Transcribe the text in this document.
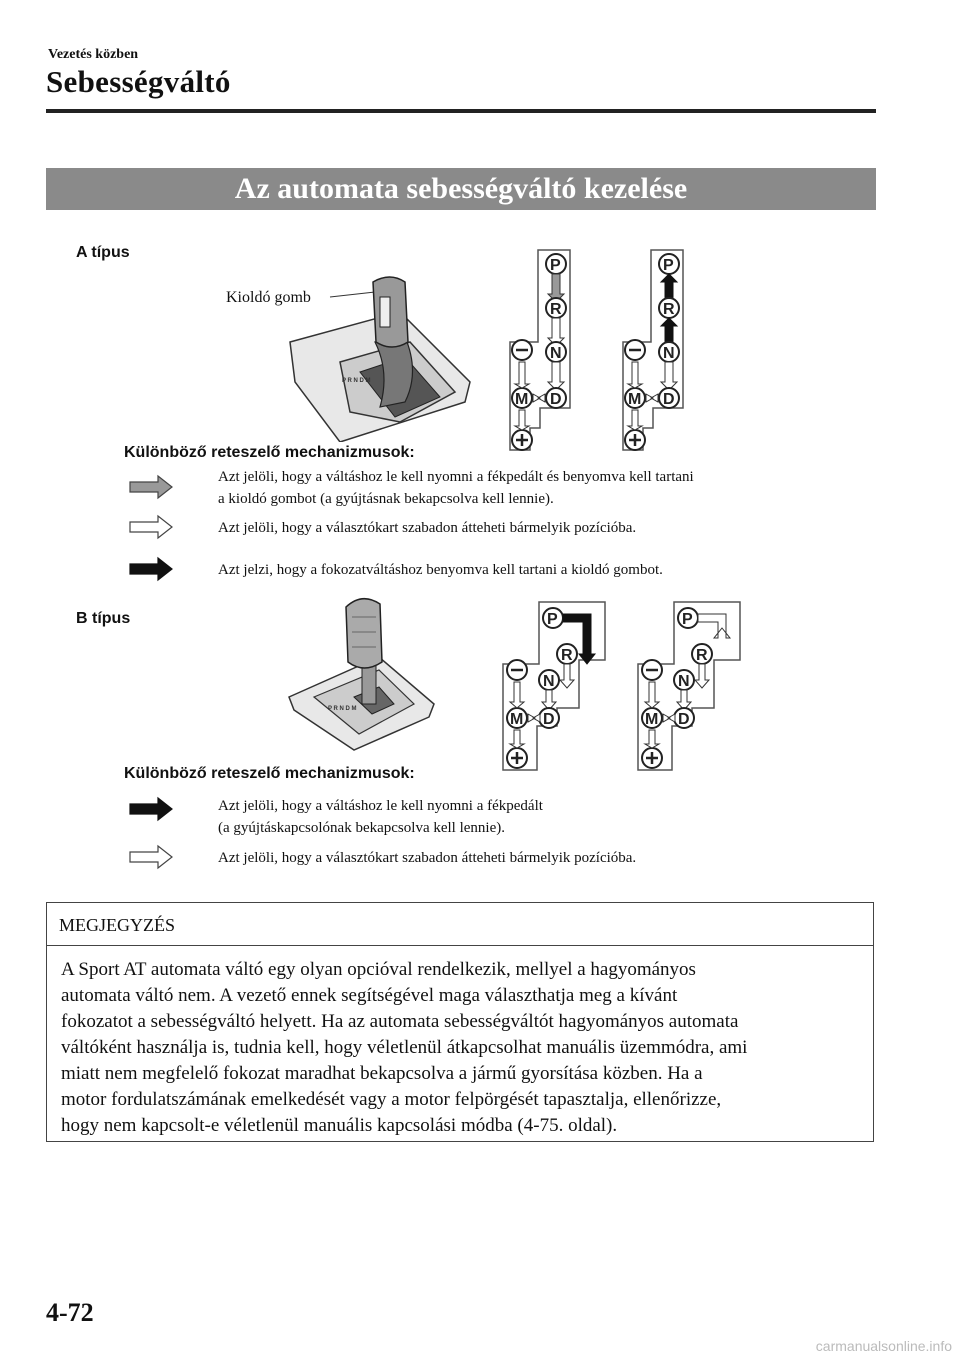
Vezetés közben
Sebességváltó
Az automata sebességváltó kezelése
A típus
Kioldó gomb
P R N D M
P
R
N
D
M
P
R
N
D
M
Különböző reteszelő mechanizmusok:
Azt jelöli, hogy a váltáshoz le kell nyomni a fékpedált és benyomva kell tartani
a kioldó gombot (a gyújtásnak bekapcsolva kell lennie).
Azt jelöli, hogy a választókart szabadon átteheti bármelyik pozícióba.
Azt jelzi, hogy a fokozatváltáshoz benyomva kell tartani a kioldó gombot.
B típus
P R N D M
P
R
N
D
M
P
R
N
D
M
Különböző reteszelő mechanizmusok:
Azt jelöli, hogy a váltáshoz le kell nyomni a fékpedált
(a gyújtáskapcsolónak bekapcsolva kell lennie).
Azt jelöli, hogy a választókart szabadon átteheti bármelyik pozícióba.
MEGJEGYZÉS
A Sport AT automata váltó egy olyan opcióval rendelkezik, mellyel a hagyományos
automata váltó nem. A vezető ennek segítségével maga választhatja meg a kívánt
fokozatot a sebességváltó helyett. Ha az automata sebességváltót hagyományos automata
váltóként használja is, tudnia kell, hogy véletlenül átkapcsolhat manuális üzemmódra, ami
miatt nem megfelelő fokozat maradhat bekapcsolva a jármű gyorsítása közben. Ha a
motor fordulatszámának emelkedését vagy a motor felpörgését tapasztalja, ellenőrizze,
hogy nem kapcsolt-e véletlenül manuális kapcsolási módba (4-75. oldal).
4-72
carmanualsonline.info
